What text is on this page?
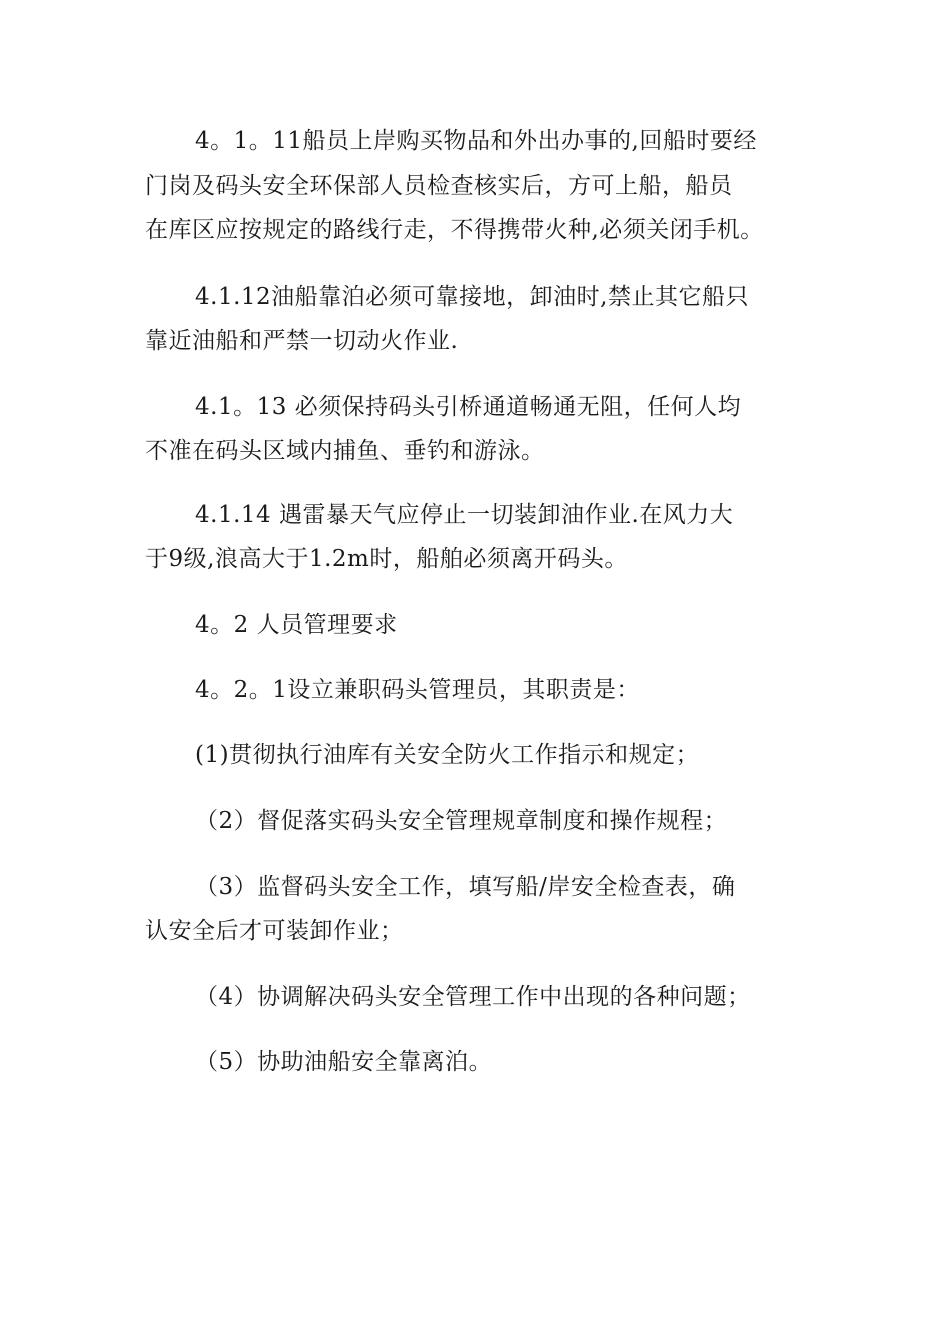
4。1。11船员上岸购买物品和外出办事的,回船时要经
门岗及码头安全环保部人员检查核实后，方可上船，船员
在库区应按规定的路线行走，不得携带火种,必须关闭手机。
4.1.12油船靠泊必须可靠接地，卸油时,禁止其它船只
靠近油船和严禁一切动火作业.
4.1。13 必须保持码头引桥通道畅通无阻，任何人均
不准在码头区域内捕鱼、垂钓和游泳。
4.1.14 遇雷暴天气应停止一切装卸油作业.在风力大
于9级,浪高大于1.2m时，船舶必须离开码头。
4。2 人员管理要求
4。2。1设立兼职码头管理员，其职责是：
(1)贯彻执行油库有关安全防火工作指示和规定；
（2）督促落实码头安全管理规章制度和操作规程；
（3）监督码头安全工作，填写船/岸安全检查表，确
认安全后才可装卸作业；
（4）协调解决码头安全管理工作中出现的各种问题；
（5）协助油船安全靠离泊。
